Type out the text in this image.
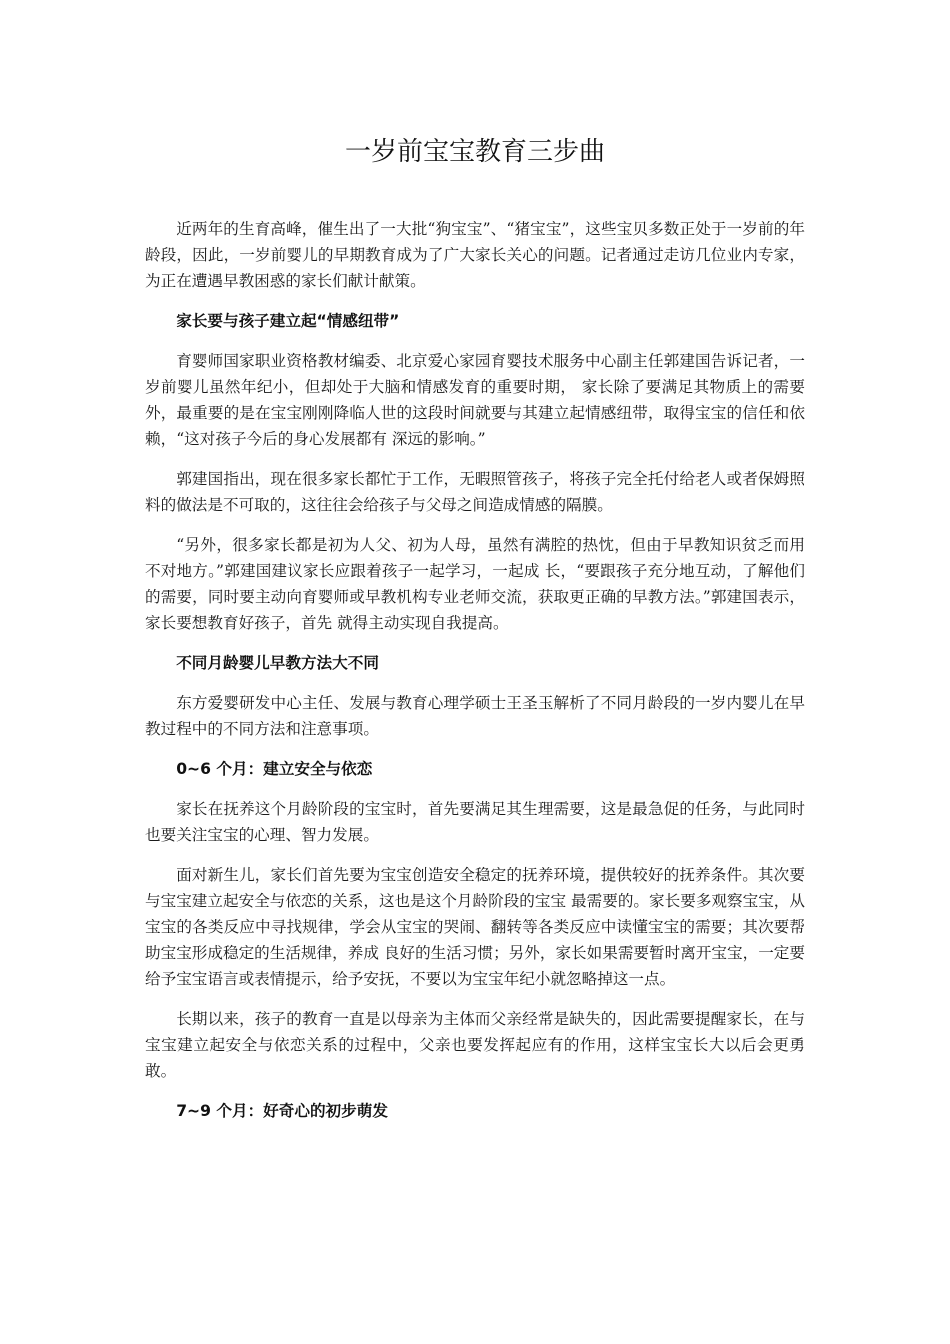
一岁前宝宝教育三步曲

近两年的生育高峰，催生出了一大批“狗宝宝”、“猪宝宝”，这些宝贝多数正处于一岁前的年龄段，因此，一岁前婴儿的早期教育成为了广大家长关心的问题。记者通过走访几位业内专家，为正在遭遇早教困惑的家长们献计献策。

家长要与孩子建立起“情感纽带”

育婴师国家职业资格教材编委、北京爱心家园育婴技术服务中心副主任郭建国告诉记者，一岁前婴儿虽然年纪小，但却处于大脑和情感发育的重要时期， 家长除了要满足其物质上的需要外，最重要的是在宝宝刚刚降临人世的这段时间就要与其建立起情感纽带，取得宝宝的信任和依赖，“这对孩子今后的身心发展都有 深远的影响。”

郭建国指出，现在很多家长都忙于工作，无暇照管孩子，将孩子完全托付给老人或者保姆照料的做法是不可取的，这往往会给孩子与父母之间造成情感的隔膜。

“另外，很多家长都是初为人父、初为人母，虽然有满腔的热忱，但由于早教知识贫乏而用不对地方。”郭建国建议家长应跟着孩子一起学习，一起成 长，“要跟孩子充分地互动，了解他们的需要，同时要主动向育婴师或早教机构专业老师交流，获取更正确的早教方法。”郭建国表示，家长要想教育好孩子，首先 就得主动实现自我提高。

不同月龄婴儿早教方法大不同

东方爱婴研发中心主任、发展与教育心理学硕士王圣玉解析了不同月龄段的一岁内婴儿在早教过程中的不同方法和注意事项。

0~6 个月：建立安全与依恋

家长在抚养这个月龄阶段的宝宝时，首先要满足其生理需要，这是最急促的任务，与此同时也要关注宝宝的心理、智力发展。

面对新生儿，家长们首先要为宝宝创造安全稳定的抚养环境，提供较好的抚养条件。其次要与宝宝建立起安全与依恋的关系，这也是这个月龄阶段的宝宝 最需要的。家长要多观察宝宝，从宝宝的各类反应中寻找规律，学会从宝宝的哭闹、翻转等各类反应中读懂宝宝的需要；其次要帮助宝宝形成稳定的生活规律，养成 良好的生活习惯；另外，家长如果需要暂时离开宝宝，一定要给予宝宝语言或表情提示，给予安抚，不要以为宝宝年纪小就忽略掉这一点。

长期以来，孩子的教育一直是以母亲为主体而父亲经常是缺失的，因此需要提醒家长，在与宝宝建立起安全与依恋关系的过程中，父亲也要发挥起应有的作用，这样宝宝长大以后会更勇敢。

7~9 个月：好奇心的初步萌发
